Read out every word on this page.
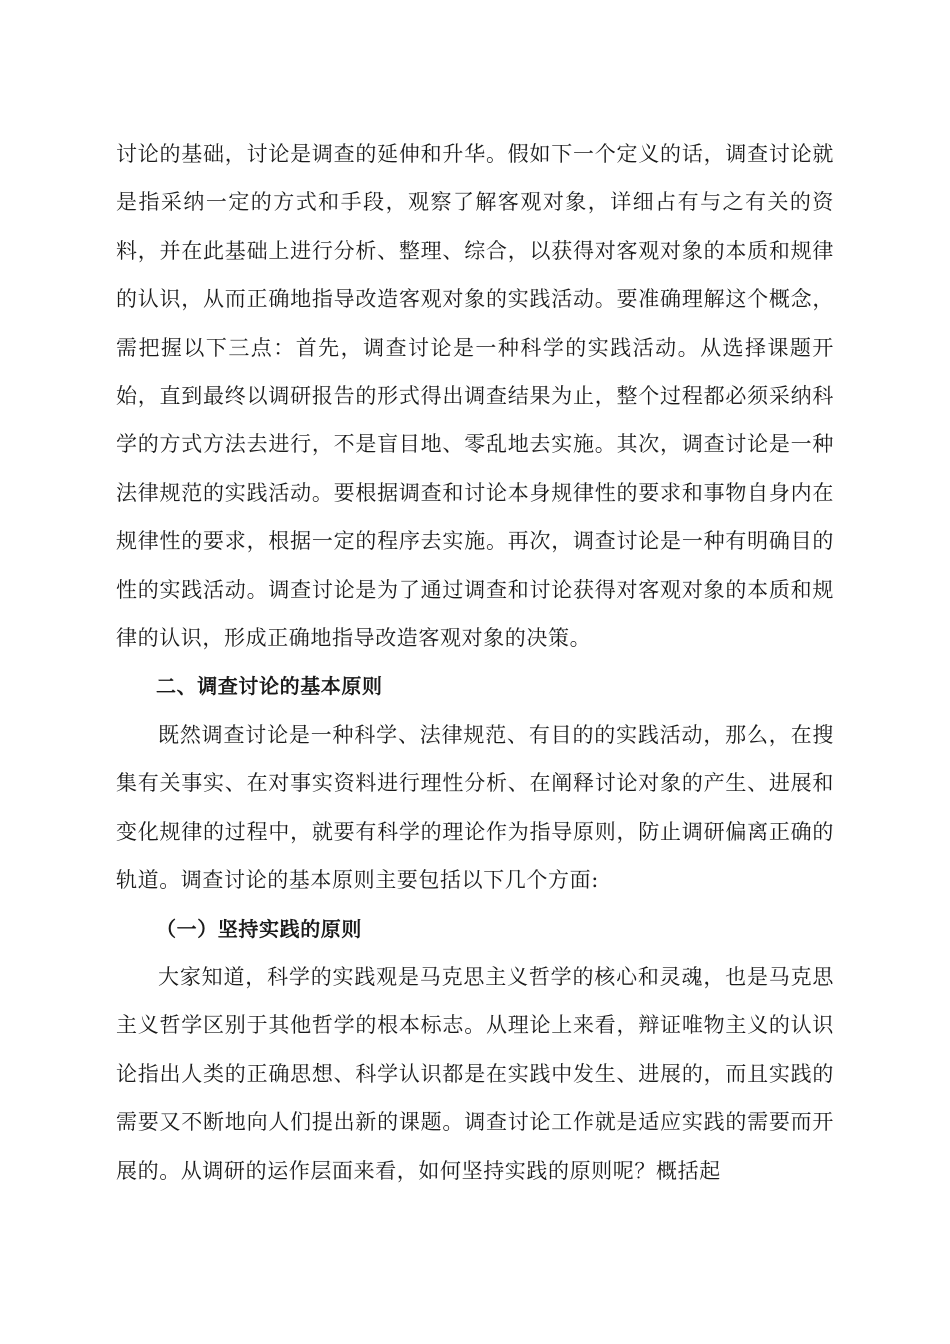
讨论的基础，讨论是调查的延伸和升华。假如下一个定义的话，调查讨论就是指采纳一定的方式和手段，观察了解客观对象，详细占有与之有关的资料，并在此基础上进行分析、整理、综合，以获得对客观对象的本质和规律的认识，从而正确地指导改造客观对象的实践活动。要准确理解这个概念，需把握以下三点：首先，调查讨论是一种科学的实践活动。从选择课题开始，直到最终以调研报告的形式得出调查结果为止，整个过程都必须采纳科学的方式方法去进行，不是盲目地、零乱地去实施。其次，调查讨论是一种法律规范的实践活动。要根据调查和讨论本身规律性的要求和事物自身内在规律性的要求，根据一定的程序去实施。再次，调查讨论是一种有明确目的性的实践活动。调查讨论是为了通过调查和讨论获得对客观对象的本质和规律的认识，形成正确地指导改造客观对象的决策。

二、调查讨论的基本原则

既然调查讨论是一种科学、法律规范、有目的的实践活动，那么，在搜集有关事实、在对事实资料进行理性分析、在阐释讨论对象的产生、进展和变化规律的过程中，就要有科学的理论作为指导原则，防止调研偏离正确的轨道。调查讨论的基本原则主要包括以下几个方面:

（一）坚持实践的原则

大家知道，科学的实践观是马克思主义哲学的核心和灵魂，也是马克思主义哲学区别于其他哲学的根本标志。从理论上来看，辩证唯物主义的认识论指出人类的正确思想、科学认识都是在实践中发生、进展的，而且实践的需要又不断地向人们提出新的课题。调查讨论工作就是适应实践的需要而开展的。从调研的运作层面来看，如何坚持实践的原则呢？概括起
